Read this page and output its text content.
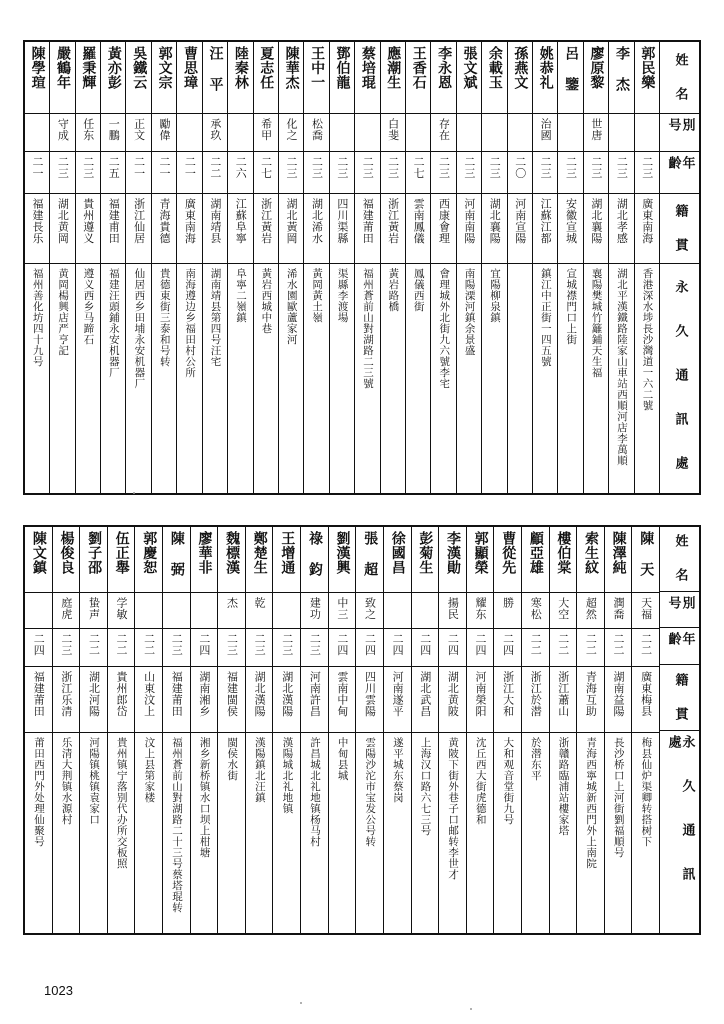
姓 名
別 号
年 齡
籍 貫
永 久 通 訊 處
郭民樂
二三
廣東南海
香港深水埗長沙灣道一六二號
李 杰
二三
湖北孝感
湖北平漢鐵路陸家山車站西順河店李萬順
廖原黎
世唐
二三
湖北襄陽
襄陽樊城竹籬鋪天生福
呂 鑒
二三
安徽宣城
宣城襟門口上街
姚恭礼
治國
二三
江蘇江都
鎮江中正街一四五號
孫燕文
二〇
河南宣陽
余載玉
二三
湖北襄陽
宜陽柳泉鎮
張文斌
二三
河南南陽
南陽溧河鎮余景盛
李永恩
存在
二三
西康會理
會理城外北街九六號李宅
王香石
二七
雲南鳳儀
鳳儀西街
應潮生
白斐
二三
浙江黃岩
黃岩路橋
蔡培琨
二三
福建莆田
福州蒼前山對湖路二三號
鄧伯龍
二三
四川渠縣
渠縣李渡場
王中一
松喬
二三
湖北浠水
黃岡黃土嶺
陳華杰
化之
二三
湖北黃岡
浠水園歐蘆家河
夏志任
希甲
二七
浙江黃岩
黃岩西城中巷
陸秦林
二六
江蘇阜寧
阜寧二嶺鎮
汪 平
承玖
二二
湖南靖县
湖南靖县第四号汪宅
曹思璋
二一
廣東南海
南海遵边乡福田村公所
郭文宗
勵偉
二一
青海貴德
貴德東街三泰和号转
吳鐵云
正文
二一
浙江仙居
仙居西乡田埔永安机器厂
黃亦彭
一鵬
二五
福建甫田
福建汪頭鋪永安机器厂
羅秉輝
任东
二三
貴州遵义
遵义西乡马蹄石
嚴鶴年
守成
二三
湖北黄岡
黄岡楊興店严亨記
陳學瑄
二一
福建長乐
福州善化坊四十九号
姓 名
別 号
年 齡
籍 貫
永 久 通 訊 處
陳 天
天福
二二
廣東梅县
梅县仙炉渠卿转搭树下
陳澤純
潤喬
二二
湖南益陽
長沙桥口上河街劉福順号
索生紋
超然
二二
青海互助
青海西寧城新西門外上南院
樓伯棠
大空
二二
浙江蕭山
浙贛路臨浦站樓家塔
顧亞雄
寒松
二二
浙江於潜
於潜东平
曹從先
勝
二四
浙江大和
大和观音堂街九号
郭顯榮
耀东
二四
河南榮阳
沈丘西大街虎德和
李漢勛
揚民
二四
湖北黄陂
黄陂下街外巷子口邮转李世才
彭菊生
二四
湖北武昌
上海汉口路六七三号
徐國昌
二四
河南遂平
遂平城东蔡岗
張 超
致之
二四
四川雲陽
雲陽沙沱市宝发公号转
劉漢興
中三
二四
雲南中甸
中甸县城
祿 鈞
建功
二三
河南許昌
許昌城北礼地镇杨马村
王增通
二三
湖北漢陽
漢陽城北礼地镇
鄭楚生
乾
二三
湖北漢陽
漢陽鎮北汪鎮
魏標漢
杰
二三
福建閩侯
閩侯水街
廖華非
二四
湖南湘乡
湘乡新桥镇水口坝上柑塘
陳 弼
二三
福建莆田
福州蒼前山對湖路二十三号蔡塔琨转
郭慶恕
二二
山東汶上
汶上县第家楼
伍正舉
学敏
二二
貴州郎岱
貴州镇宁落别代办所交板照
劉子邵
蛰声
二二
湖北河陽
河陽镇桃镇袁家口
楊俊良
庭虎
二三
浙江乐清
乐清大荆镇水源村
陳文鎮
二四
福建莆田
莆田西門外处理仙聚号
1023
